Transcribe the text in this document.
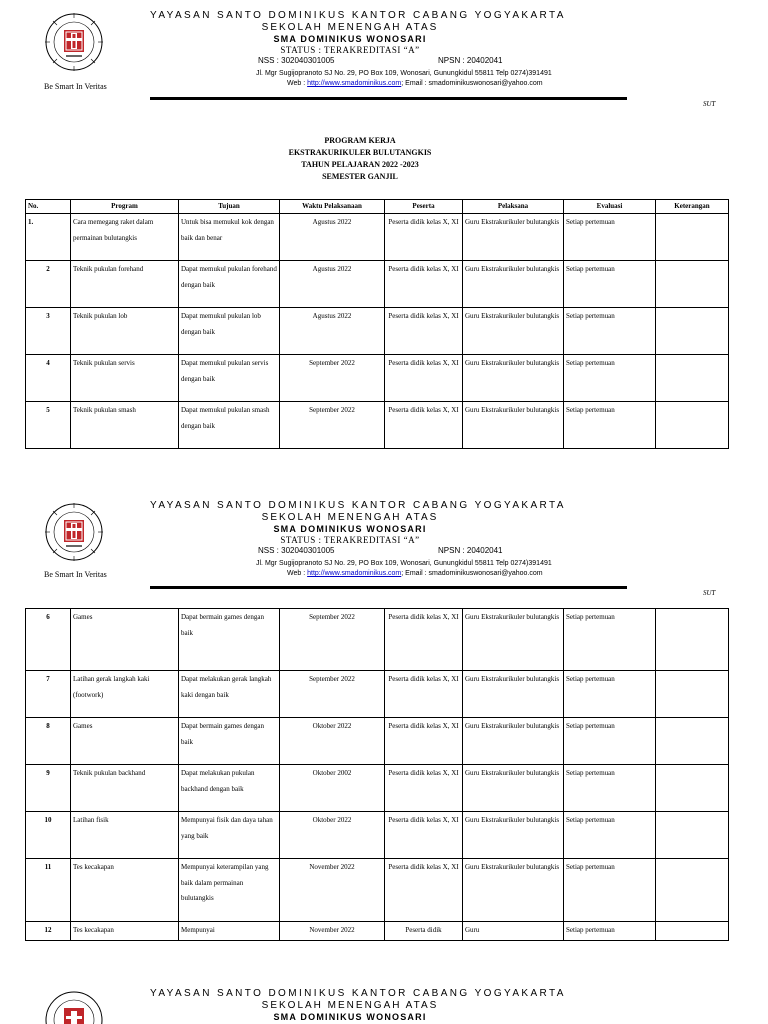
Be Smart In Veritas
YAYASAN SANTO DOMINIKUS KANTOR CABANG YOGYAKARTA
SEKOLAH MENENGAH ATAS
SMA DOMINIKUS WONOSARI
STATUS : TERAKREDITASI “A”
NSS : 302040301005	NPSN : 20402041
Jl. Mgr Sugijopranoto SJ No. 29, PO Box 109, Wonosari, Gunungkidul 55811 Telp 0274)391491
Web : http://www.smadominikus.com; Email : smadominikuswonosari@yahoo.com
SUT
PROGRAM KERJA
EKSTRAKURIKULER BULUTANGKIS
TAHUN PELAJARAN 2022 -2023
SEMESTER GANJIL
No.	Program	Tujuan	Waktu Pelaksanaan	Peserta	Pelaksana	Evaluasi	Keterangan
1.	Cara memegang raket dalam permainan bulutangkis	Untuk bisa memukul kok dengan baik dan benar	Agustus 2022	Peserta didik kelas X, XI	Guru Ekstrakurikuler bulutangkis	Setiap pertemuan	
2	Teknik pukulan forehand	Dapat memukul pukulan forehand dengan baik	Agustus 2022	Peserta didik kelas X, XI	Guru Ekstrakurikuler bulutangkis	Setiap pertemuan	
3	Teknik pukulan lob	Dapat memukul pukulan lob dengan baik	Agustus 2022	Peserta didik kelas X, XI	Guru Ekstrakurikuler bulutangkis	Setiap pertemuan	
4	Teknik pukulan servis	Dapat memukul pukulan servis dengan baik	September 2022	Peserta didik kelas X, XI	Guru Ekstrakurikuler bulutangkis	Setiap pertemuan	
5	Teknik pukulan smash	Dapat memukul pukulan smash dengan baik	September 2022	Peserta didik kelas X, XI	Guru Ekstrakurikuler bulutangkis	Setiap pertemuan	
Be Smart In Veritas
YAYASAN SANTO DOMINIKUS KANTOR CABANG YOGYAKARTA
SEKOLAH MENENGAH ATAS
SMA DOMINIKUS WONOSARI
STATUS : TERAKREDITASI “A”
NSS : 302040301005	NPSN : 20402041
Jl. Mgr Sugijopranoto SJ No. 29, PO Box 109, Wonosari, Gunungkidul 55811 Telp 0274)391491
Web : http://www.smadominikus.com; Email : smadominikuswonosari@yahoo.com
SUT
6	Games	Dapat bermain games dengan baik	September 2022	Peserta didik kelas X, XI	Guru Ekstrakurikuler bulutangkis	Setiap pertemuan	
7	Latihan gerak langkah kaki (footwork)	Dapat melakukan gerak langkah kaki dengan baik	September 2022	Peserta didik kelas X, XI	Guru Ekstrakurikuler bulutangkis	Setiap pertemuan	
8	Games	Dapat bermain games dengan baik	Oktober 2022	Peserta didik kelas X, XI	Guru Ekstrakurikuler bulutangkis	Setiap pertemuan	
9	Teknik pukulan backhand	Dapat melakukan pukulan backhand dengan baik	Oktober 2002	Peserta didik kelas X, XI	Guru Ekstrakurikuler bulutangkis	Setiap pertemuan	
10	Latihan fisik	Mempunyai fisik dan daya tahan yang baik	Oktober 2022	Peserta didik kelas X, XI	Guru Ekstrakurikuler bulutangkis	Setiap pertemuan	
11	Tes kecakapan	Mempunyai keterampilan yang baik dalam permainan bulutangkis	November 2022	Peserta didik kelas X, XI	Guru Ekstrakurikuler bulutangkis	Setiap pertemuan	
12	Tes kecakapan	Mempunyai	November 2022	Peserta didik	Guru	Setiap pertemuan	
YAYASAN SANTO DOMINIKUS KANTOR CABANG YOGYAKARTA
SEKOLAH MENENGAH ATAS
SMA DOMINIKUS WONOSARI
